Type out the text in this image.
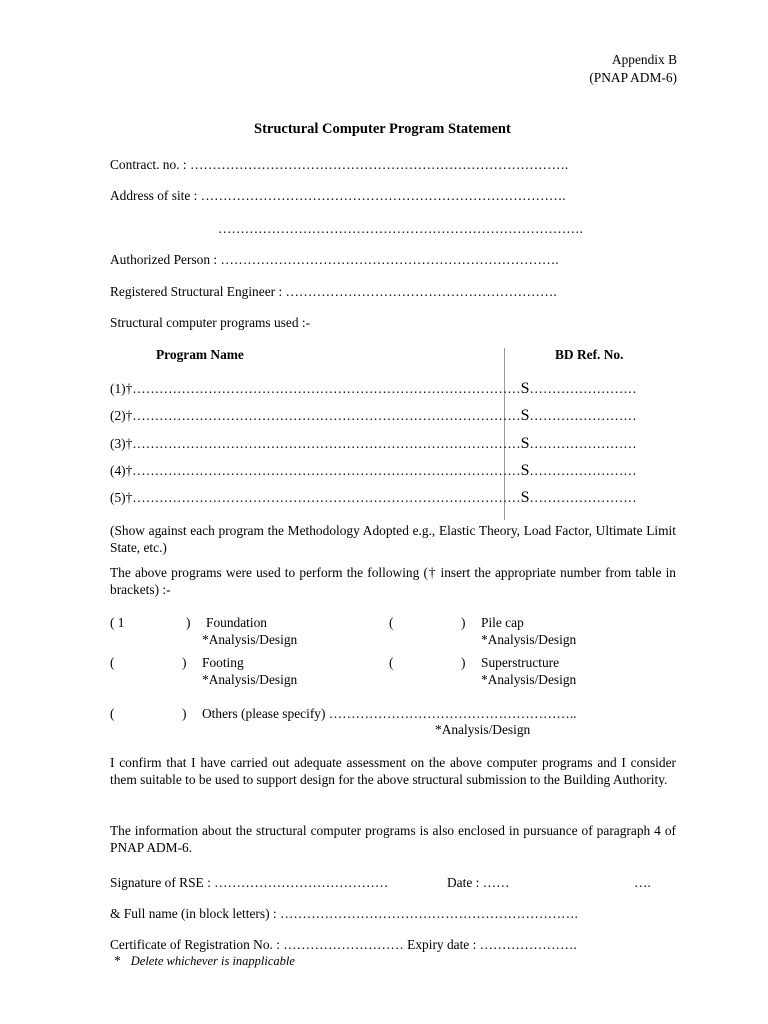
Appendix B
(PNAP ADM-6)
Structural Computer Program Statement
Contract. no. : ………………………………………………………………………….
Address of site : ……………………………………………………………………….
……………………………………………………………………….
Authorized Person : ………………………………………………………………….
Registered Structural Engineer : …………………………………………………….
Structural computer programs used :-
Program Name	BD Ref. No.
(1)†……………………………………………………………………………S……………………
(2)†……………………………………………………………………………S……………………
(3)†……………………………………………………………………………S……………………
(4)†……………………………………………………………………………S……………………
(5)†……………………………………………………………………………S……………………
(Show against each program the Methodology Adopted e.g., Elastic Theory, Load Factor, Ultimate Limit State, etc.)
The above programs were used to perform the following († insert the appropriate number from table in brackets) :-
( 1	) Foundation
*Analysis/Design
(	) Pile cap
*Analysis/Design
(	) Footing
*Analysis/Design
(	) Superstructure
*Analysis/Design
(	) Others (please specify) ………………………………………………..
*Analysis/Design
I confirm that I have carried out adequate assessment on the above computer programs and I consider them suitable to be used to support design for the above structural submission to the Building Authority.
The information about the structural computer programs is also enclosed in pursuance of paragraph 4 of PNAP ADM-6.
Signature of RSE : …………………………………	Date : ……	….
& Full name (in block letters) : ………………………………………………………….
Certificate of Registration No. : ……………………… Expiry date : ………………….
* Delete whichever is inapplicable
